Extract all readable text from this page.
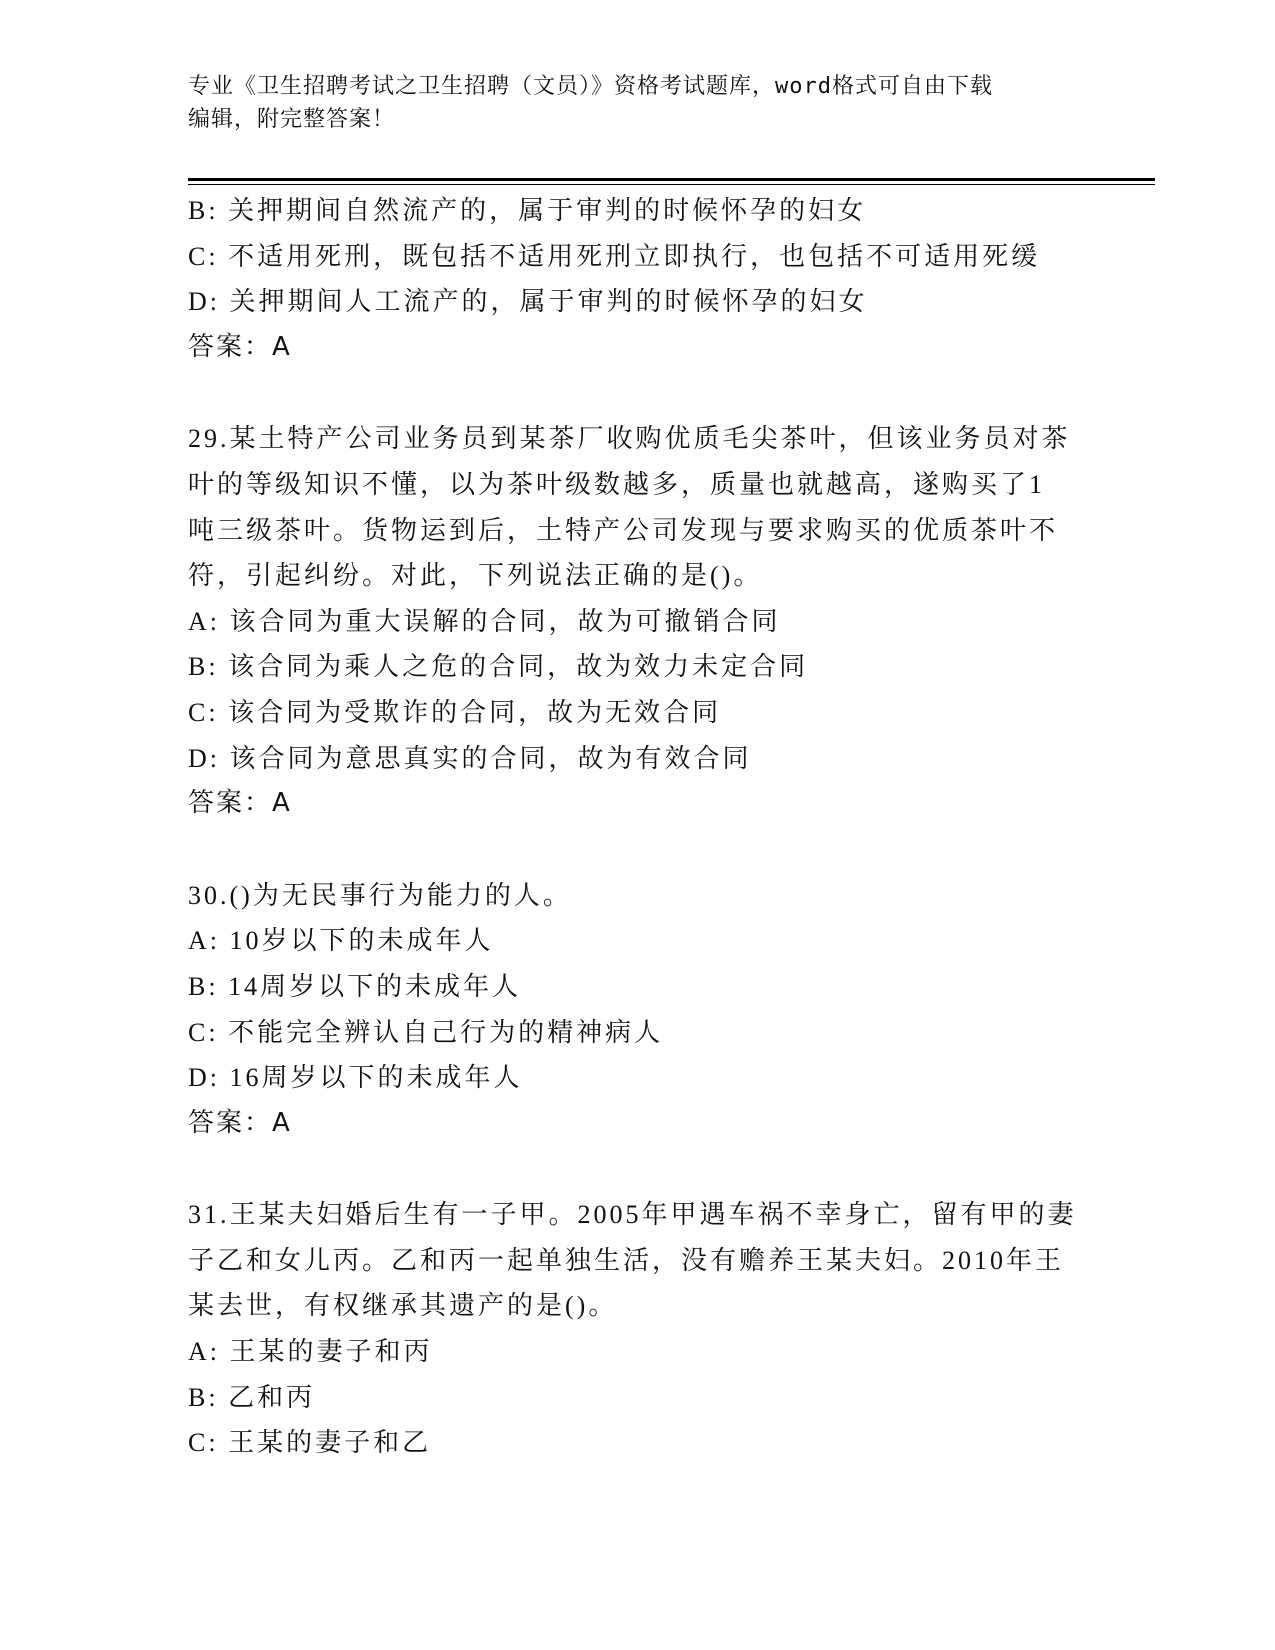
专业《卫生招聘考试之卫生招聘（文员）》资格考试题库，word格式可自由下载
编辑，附完整答案！
B: 关押期间自然流产的，属于审判的时候怀孕的妇女
C: 不适用死刑，既包括不适用死刑立即执行，也包括不可适用死缓
D: 关押期间人工流产的，属于审判的时候怀孕的妇女
答案：A
29.某土特产公司业务员到某茶厂收购优质毛尖茶叶，但该业务员对茶
叶的等级知识不懂，以为茶叶级数越多，质量也就越高，遂购买了1
吨三级茶叶。货物运到后，土特产公司发现与要求购买的优质茶叶不
符，引起纠纷。对此，下列说法正确的是()。
A: 该合同为重大误解的合同，故为可撤销合同
B: 该合同为乘人之危的合同，故为效力未定合同
C: 该合同为受欺诈的合同，故为无效合同
D: 该合同为意思真实的合同，故为有效合同
答案：A
30.()为无民事行为能力的人。
A: 10岁以下的未成年人
B: 14周岁以下的未成年人
C: 不能完全辨认自己行为的精神病人
D: 16周岁以下的未成年人
答案：A
31.王某夫妇婚后生有一子甲。2005年甲遇车祸不幸身亡，留有甲的妻
子乙和女儿丙。乙和丙一起单独生活，没有赡养王某夫妇。2010年王
某去世，有权继承其遗产的是()。
A: 王某的妻子和丙
B: 乙和丙
C: 王某的妻子和乙
